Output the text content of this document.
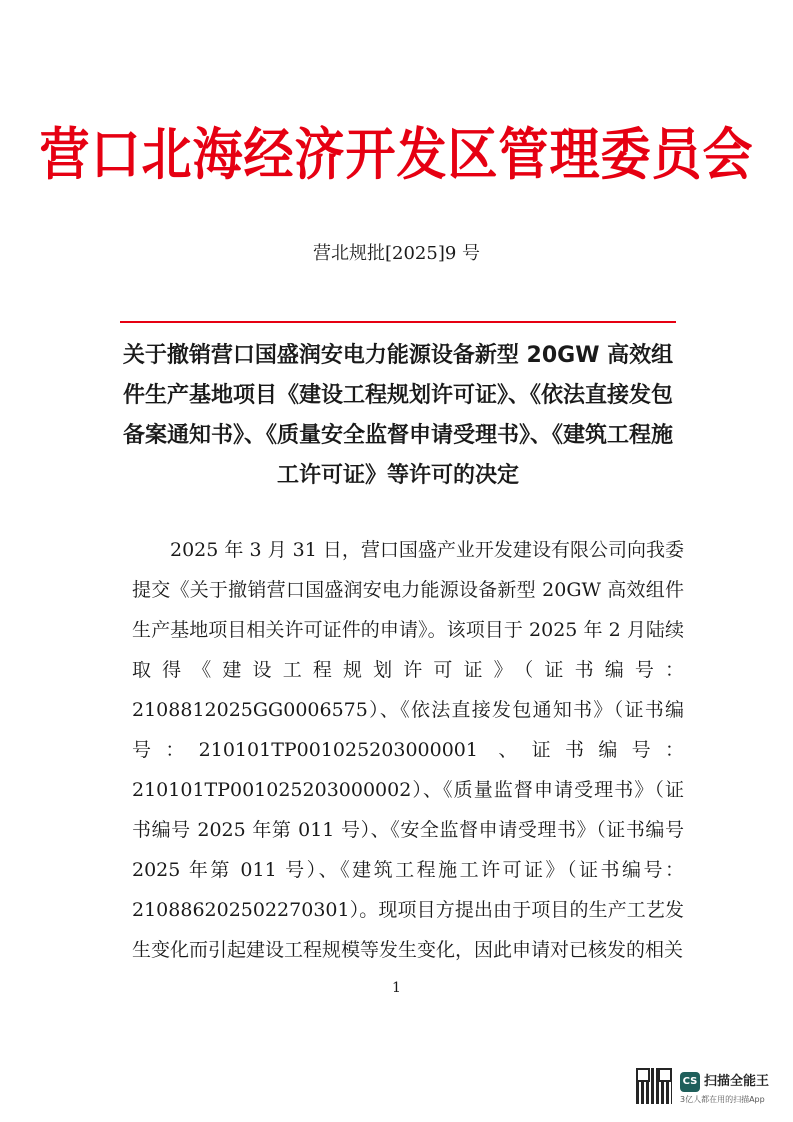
营口北海经济开发区管理委员会
营北规批[2025]9 号
关于撤销营口国盛润安电力能源设备新型 20GW 高效组件生产基地项目《建设工程规划许可证》、《依法直接发包备案通知书》、《质量安全监督申请受理书》、《建筑工程施工许可证》等许可的决定

2025 年 3 月 31 日，营口国盛产业开发建设有限公司向我委提交《关于撤销营口国盛润安电力能源设备新型 20GW 高效组件生产基地项目相关许可证件的申请》。该项目于 2025 年 2 月陆续取得《建设工程规划许可证》（证书编号：2108812025GG0006575）、《依法直接发包通知书》（证书编号：210101TP001025203000001 、证书编号：210101TP001025203000002）、《质量监督申请受理书》（证书编号 2025 年第 011 号）、《安全监督申请受理书》（证书编号 2025 年第 011 号）、《建筑工程施工许可证》（证书编号：210886202502270301）。现项目方提出由于项目的生产工艺发生变化而引起建设工程规模等发生变化，因此申请对已核发的相关

1
CS 扫描全能王
3亿人都在用的扫描App
